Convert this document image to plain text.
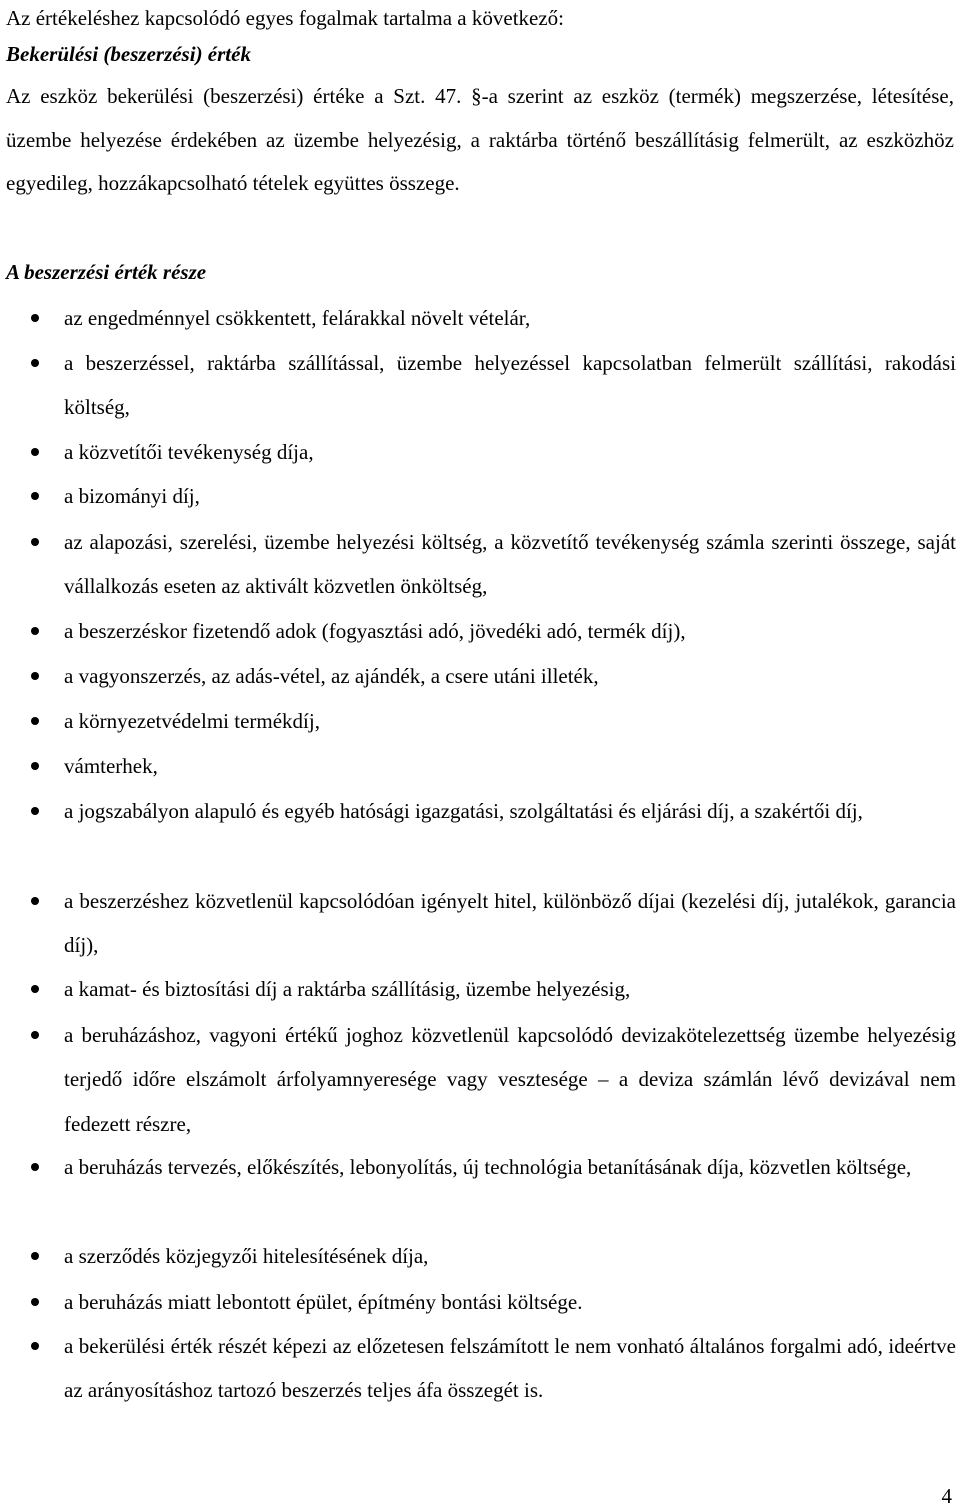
Az értékeléshez kapcsolódó egyes fogalmak tartalma a következő:
Bekerülési (beszerzési) érték
Az eszköz bekerülési (beszerzési) értéke a Szt. 47. §-a szerint az eszköz (termék) megszerzése, létesítése, üzembe helyezése érdekében az üzembe helyezésig, a raktárba történő beszállításig felmerült, az eszközhöz egyedileg, hozzákapcsolható tételek együttes összege.
A beszerzési érték része
az engedménnyel csökkentett, felárakkal növelt vételár,
a beszerzéssel, raktárba szállítással, üzembe helyezéssel kapcsolatban felmerült szállítási, rakodási költség,
a közvetítői tevékenység díja,
a bizományi díj,
az alapozási, szerelési, üzembe helyezési költség, a közvetítő tevékenység számla szerinti összege, saját vállalkozás eseten az aktivált közvetlen önköltség,
a beszerzéskor fizetendő adok (fogyasztási adó, jövedéki adó, termék díj),
a vagyonszerzés, az adás-vétel, az ajándék, a csere utáni illeték,
a környezetvédelmi termékdíj,
vámterhek,
a jogszabályon alapuló és egyéb hatósági igazgatási, szolgáltatási és eljárási díj, a szakértői díj,
a beszerzéshez közvetlenül kapcsolódóan igényelt hitel, különböző díjai (kezelési díj, jutalékok, garancia díj),
a kamat- és biztosítási díj a raktárba szállításig, üzembe helyezésig,
a beruházáshoz, vagyoni értékű joghoz közvetlenül kapcsolódó devizakötelezettség üzembe helyezésig terjedő időre elszámolt árfolyamnyeresége vagy vesztesége – a deviza számlán lévő devizával nem fedezett részre,
a beruházás tervezés, előkészítés, lebonyolítás, új technológia betanításának díja, közvetlen költsége,
a szerződés közjegyzői hitelesítésének díja,
a beruházás miatt lebontott épület, építmény bontási költsége.
a bekerülési érték részét képezi az előzetesen felszámított le nem vonható általános forgalmi adó, ideértve az arányosításhoz tartozó beszerzés teljes áfa összegét is.
4
